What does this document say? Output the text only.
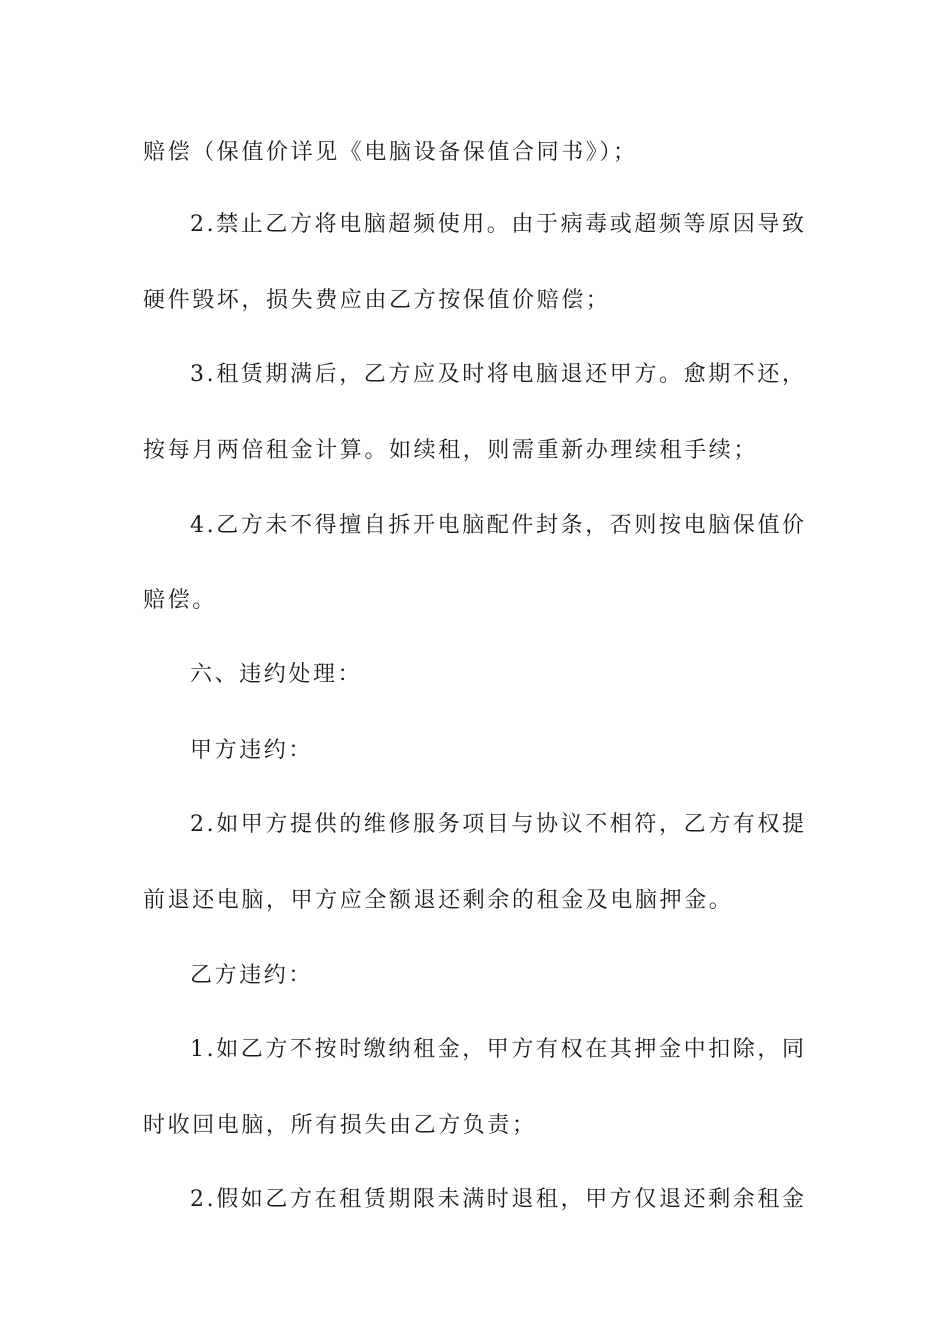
赔偿（保值价详见《电脑设备保值合同书》）；
2.禁止乙方将电脑超频使用。由于病毒或超频等原因导致
硬件毁坏，损失费应由乙方按保值价赔偿；
3.租赁期满后，乙方应及时将电脑退还甲方。愈期不还，
按每月两倍租金计算。如续租，则需重新办理续租手续；
4.乙方未不得擅自拆开电脑配件封条，否则按电脑保值价
赔偿。
六、违约处理：
甲方违约：
2.如甲方提供的维修服务项目与协议不相符，乙方有权提
前退还电脑，甲方应全额退还剩余的租金及电脑押金。
乙方违约：
1.如乙方不按时缴纳租金，甲方有权在其押金中扣除，同
时收回电脑，所有损失由乙方负责；
2.假如乙方在租赁期限未满时退租，甲方仅退还剩余租金
